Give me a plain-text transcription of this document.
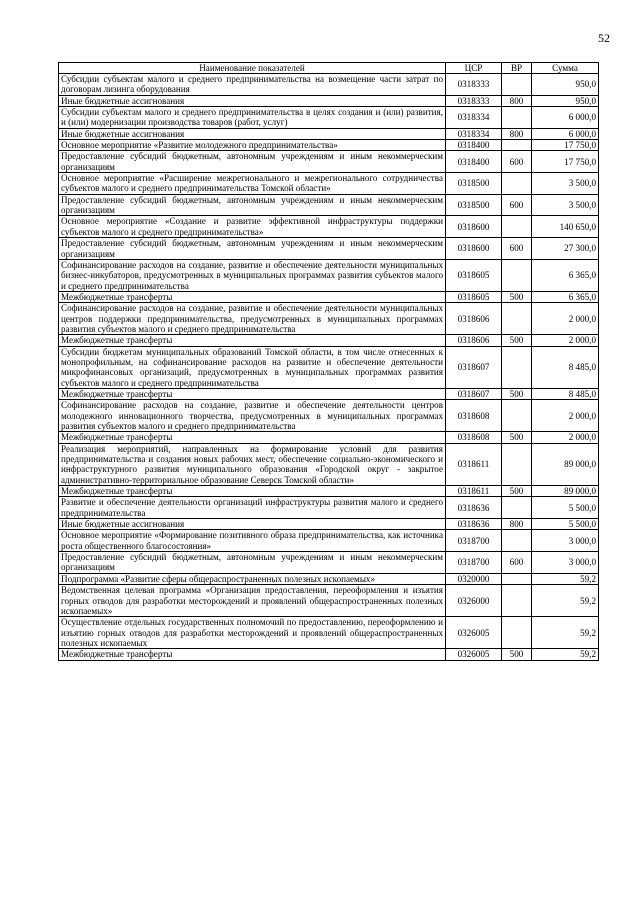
52
Наименование показателей	ЦСР	ВР	Сумма
Субсидии субъектам малого и среднего предпринимательства на возмещение части затрат по договорам лизинга оборудования	0318333		950,0
Иные бюджетные ассигнования	0318333	800	950,0
Субсидии субъектам малого и среднего предпринимательства в целях создания и (или) развития, и (или) модернизации производства товаров (работ, услуг)	0318334		6 000,0
Иные бюджетные ассигнования	0318334	800	6 000,0
Основное мероприятие «Развитие молодежного предпринимательства»	0318400		17 750,0
Предоставление субсидий бюджетным, автономным учреждениям и иным некоммерческим организациям	0318400	600	17 750,0
Основное мероприятие «Расширение межрегионального и межрегионального сотрудничества субъектов малого и среднего предпринимательства Томской области»	0318500		3 500,0
Предоставление субсидий бюджетным, автономным учреждениям и иным некоммерческим организациям	0318500	600	3 500,0
Основное мероприятие «Создание и развитие эффективной инфраструктуры поддержки субъектов малого и среднего предпринимательства»	0318600		140 650,0
Предоставление субсидий бюджетным, автономным учреждениям и иным некоммерческим организациям	0318600	600	27 300,0
Софинансирование расходов на создание, развитие и обеспечение деятельности муниципальных бизнес-инкубаторов, предусмотренных в муниципальных программах развития субъектов малого и среднего предпринимательства	0318605		6 365,0
Межбюджетные трансферты	0318605	500	6 365,0
Софинансирование расходов на создание, развитие и обеспечение деятельности муниципальных центров поддержки предпринимательства, предусмотренных в муниципальных программах развития субъектов малого и среднего предпринимательства	0318606		2 000,0
Межбюджетные трансферты	0318606	500	2 000,0
Субсидии бюджетам муниципальных образований Томской области, в том числе отнесенных к монопрофильным, на софинансирование расходов на развитие и обеспечение деятельности микрофинансовых организаций, предусмотренных в муниципальных программах развития субъектов малого и среднего предпринимательства	0318607		8 485,0
Межбюджетные трансферты	0318607	500	8 485,0
Софинансирование расходов на создание, развитие и обеспечение деятельности центров молодежного инновационного творчества, предусмотренных в муниципальных программах развития субъектов малого и среднего предпринимательства	0318608		2 000,0
Межбюджетные трансферты	0318608	500	2 000,0
Реализация мероприятий, направленных на формирование условий для развития предпринимательства и создания новых рабочих мест, обеспечение социально-экономического и инфраструктурного развития муниципального образования «Городской округ - закрытое административно-территориальное образование Северск Томской области»	0318611		89 000,0
Межбюджетные трансферты	0318611	500	89 000,0
Развитие и обеспечение деятельности организаций инфраструктуры развития малого и среднего предпринимательства	0318636		5 500,0
Иные бюджетные ассигнования	0318636	800	5 500,0
Основное мероприятие «Формирование позитивного образа предпринимательства, как источника роста общественного благосостояния»	0318700		3 000,0
Предоставление субсидий бюджетным, автономным учреждениям и иным некоммерческим организациям	0318700	600	3 000,0
Подпрограмма «Развитие сферы общераспространенных полезных ископаемых»	0320000		59,2
Ведомственная целевая программа «Организация предоставления, переоформления и изъятия горных отводов для разработки месторождений и проявлений общераспространенных полезных ископаемых»	0326000		59,2
Осуществление отдельных государственных полномочий по предоставлению, переоформлению и изъятию горных отводов для разработки месторождений и проявлений общераспространенных полезных ископаемых	0326005		59,2
Межбюджетные трансферты	0326005	500	59,2
